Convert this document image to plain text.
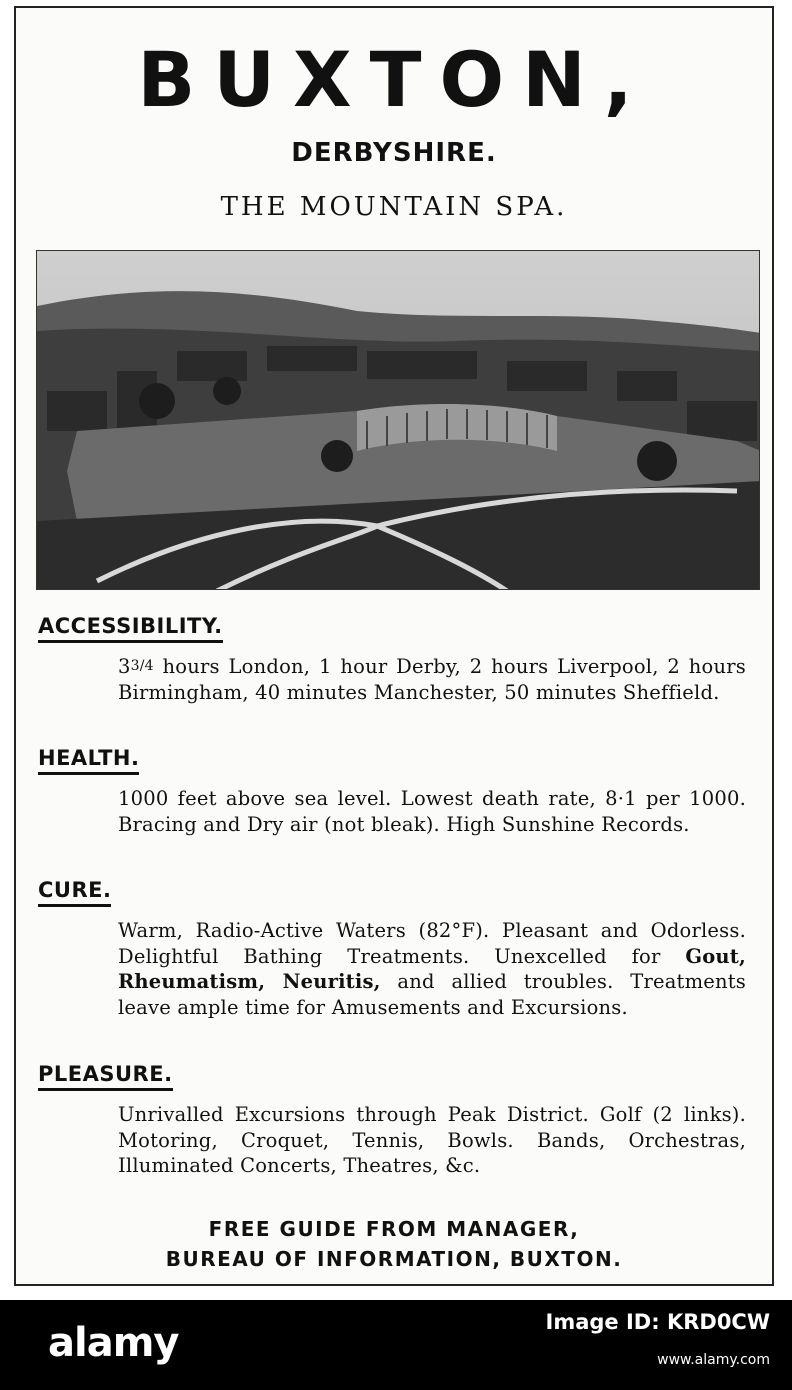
BUXTON,
DERBYSHIRE.
THE MOUNTAIN SPA.
ACCESSIBILITY.

33/4 hours London, 1 hour Derby, 2 hours Liverpool, 2 hours Birmingham, 40 minutes Manchester, 50 minutes Sheffield.

HEALTH.

1000 feet above sea level. Lowest death rate, 8·1 per 1000. Bracing and Dry air (not bleak). High Sunshine Records.

CURE.

Warm, Radio-Active Waters (82°F). Pleasant and Odorless. Delightful Bathing Treatments. Unexcelled for Gout, Rheumatism, Neuritis, and allied troubles. Treatments leave ample time for Amusements and Excursions.

PLEASURE.

Unrivalled Excursions through Peak District. Golf (2 links). Motoring, Croquet, Tennis, Bowls. Bands, Orchestras, Illuminated Concerts, Theatres, &c.

FREE GUIDE FROM MANAGER,
BUREAU OF INFORMATION, BUXTON.
alamy	Image ID: KRD0CW
www.alamy.com
